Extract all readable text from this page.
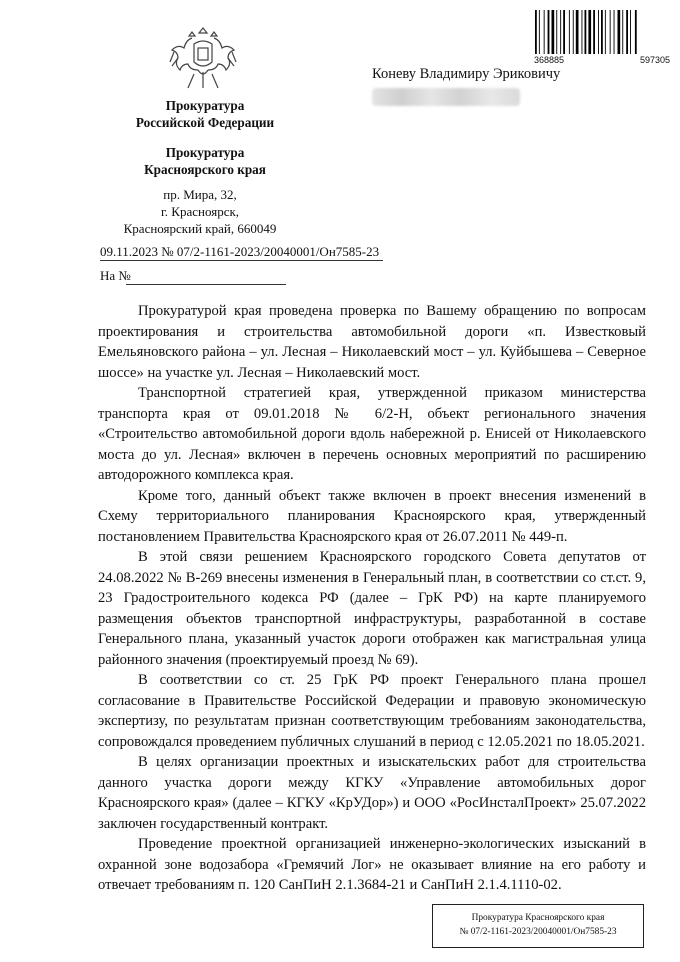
Прокуратура
Российской Федерации
Прокуратура
Красноярского края
пр. Мира, 32,
г. Красноярск,
Красноярский край, 660049
09.11.2023 № 07/2-1161-2023/20040001/Он7585-23
На №
368885	597305
Коневу Владимиру Эриковичу

Прокуратурой края проведена проверка по Вашему обращению по вопросам проектирования и строительства автомобильной дороги «п. Известковый Емельяновского района – ул. Лесная – Николаевский мост – ул. Куйбышева – Северное шоссе» на участке ул. Лесная – Николаевский мост.

Транспортной стратегией края, утвержденной приказом министерства транспорта края от 09.01.2018 № 6/2-Н, объект регионального значения «Строительство автомобильной дороги вдоль набережной р. Енисей от Николаевского моста до ул. Лесная» включен в перечень основных мероприятий по расширению автодорожного комплекса края.

Кроме того, данный объект также включен в проект внесения изменений в Схему территориального планирования Красноярского края, утвержденный постановлением Правительства Красноярского края от 26.07.2011 № 449-п.

В этой связи решением Красноярского городского Совета депутатов от 24.08.2022 № В-269 внесены изменения в Генеральный план, в соответствии со ст.ст. 9, 23 Градостроительного кодекса РФ (далее – ГрК РФ) на карте планируемого размещения объектов транспортной инфраструктуры, разработанной в составе Генерального плана, указанный участок дороги отображен как магистральная улица районного значения (проектируемый проезд № 69).

В соответствии со ст. 25 ГрК РФ проект Генерального плана прошел согласование в Правительстве Российской Федерации и правовую экономическую экспертизу, по результатам признан соответствующим требованиям законодательства, сопровождался проведением публичных слушаний в период с 12.05.2021 по 18.05.2021.

В целях организации проектных и изыскательских работ для строительства данного участка дороги между КГКУ «Управление автомобильных дорог Красноярского края» (далее – КГКУ «КрУДор») и ООО «РосИнсталПроект» 25.07.2022 заключен государственный контракт.

Проведение проектной организацией инженерно-экологических изысканий в охранной зоне водозабора «Гремячий Лог» не оказывает влияние на его работу и отвечает требованиям п. 120 СанПиН 2.1.3684-21 и СанПиН 2.1.4.1110-02.

Прокуратура Красноярского края
№ 07/2-1161-2023/20040001/Он7585-23
